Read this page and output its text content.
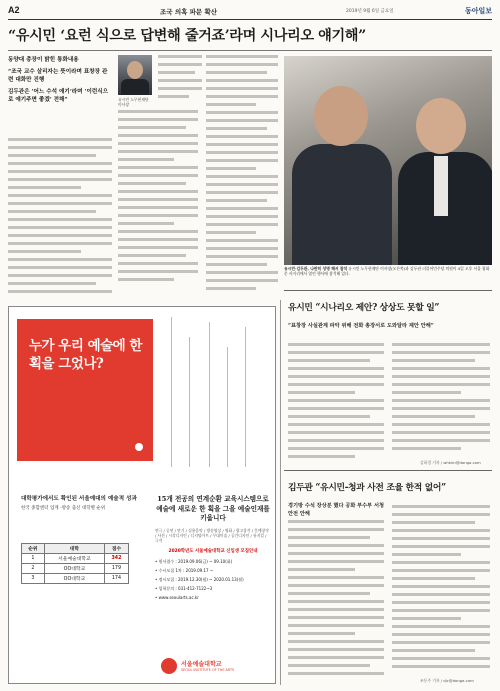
A2	조국 의혹 파문 확산	2019년 9월 6일 금요일	동아일보
“유시민 ‘요런 식으로 답변해 줄거죠’라며 시나리오 얘기해”
동양대 총장이 밝힌 통화내용
“조국 교수 살리자는 뜻이라며 표창장 관련 대화만 진행
김두관은 ‘어느 수석 얘기’라며 ‘이런식으로 얘기주면 좋겠’ 전해”	유시민 노무현재단 이사장
유시민·김두관, 나란히 성명 해서 참석 유시민 노무현재단 이사장(오른쪽)과 김두관 더불어민주당 의원이 4일 오후 서울 광화문 사거리에서 열린 행사에 참석해 있다.
누가 우리 예술에 한 획을 그었나?
대학평가에서도 확인된 서울예대의 예술적 성과
한국 종합엔터 업계 -방송 출신 대학별 순위
순위	대학	점수
1	서울예술대학교	342
2	OO대학교	179
3	OO대학교	174
15개 전공의 연계순환 교육시스템으로 예술에 새로운 한 획을 그을 예술인재를 키웁니다
연극 / 공연 / 연기 / 실용음악 / 방송영상 / 영화 / 광고창작 / 문예창작 / 사진 / 시각디자인 / 디지털아트 / 무대미술 / 공간디자인 / 뮤지컬 / 극작
2020학년도 서울예술대학교 신입생 모집안내
• 원서접수 : 2019.09.06(금) ~ 09.10(화)
• 수시모집 1차 : 2019.09.17 ~
• 정시모집 : 2019.12.30(월) ~ 2020.01.13(월)
• 입학문의 : 031-412-7122~3
• www.seoularts.ac.kr
서울예술대학교
SEOUL INSTITUTE OF THE ARTS
유시민 “시나리오 제안? 상상도 못할 일”
“표창장 사실관계 파악 위해 전화 총장서로 도와달라 제안 안해”
김하경 기자 / whkim@donga.com
김두관 “유시민-청과 사전 조율 한적 없어”
경기방 수석 장상분 했다 공화 부수부 서청 안전 안해
조동주 기자 / djc@donga.com
